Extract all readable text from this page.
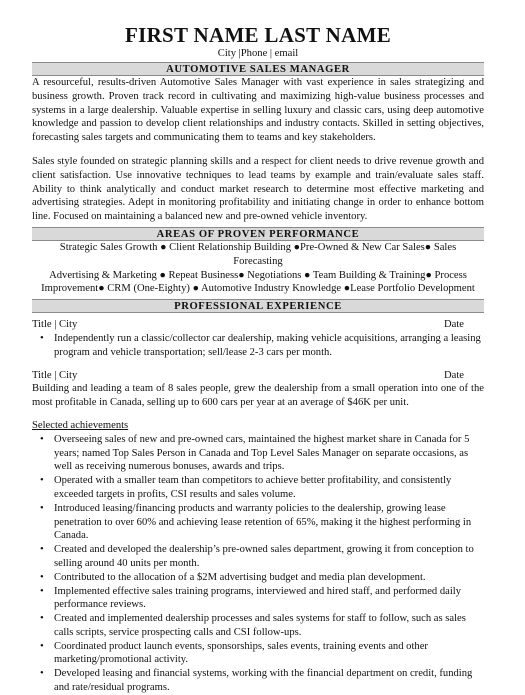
FIRST NAME LAST NAME
City |Phone | email
AUTOMOTIVE SALES MANAGER

A resourceful, results-driven Automotive Sales Manager with vast experience in sales strategizing and business growth. Proven track record in cultivating and maximizing high-value business processes and systems in a large dealership. Valuable expertise in selling luxury and classic cars, using deep automotive knowledge and passion to develop client relationships and industry contacts. Skilled in setting objectives, forecasting sales targets and communicating them to teams and key stakeholders.

Sales style founded on strategic planning skills and a respect for client needs to drive revenue growth and client satisfaction. Use innovative techniques to lead teams by example and train/evaluate sales staff. Ability to think analytically and conduct market research to determine most effective marketing and advertising strategies. Adept in monitoring profitability and initiating change in order to enhance bottom line. Focused on maintaining a balanced new and pre-owned vehicle inventory.

AREAS OF PROVEN PERFORMANCE
Strategic Sales Growth ● Client Relationship Building ●Pre-Owned & New Car Sales● Sales Forecasting
Advertising & Marketing ● Repeat Business● Negotiations ● Team Building & Training● Process
Improvement● CRM (One-Eighty) ● Automotive Industry Knowledge ●Lease Portfolio Development
PROFESSIONAL EXPERIENCE
Title | City	Date
• Independently run a classic/collector car dealership, making vehicle acquisitions, arranging a leasing program and vehicle transportation; sell/lease 2-3 cars per month.
Title | City	Date

Building and leading a team of 8 sales people, grew the dealership from a small operation into one of the most profitable in Canada, selling up to 600 cars per year at an average of $46K per unit.

Selected achievements
• Overseeing sales of new and pre-owned cars, maintained the highest market share in Canada for 5 years; named Top Sales Person in Canada and Top Level Sales Manager on separate occasions, as well as receiving numerous bonuses, awards and trips.
• Operated with a smaller team than competitors to achieve better profitability, and consistently exceeded targets in profits, CSI results and sales volume.
• Introduced leasing/financing products and warranty policies to the dealership, growing lease penetration to over 60% and achieving lease retention of 65%, making it the highest performing in Canada.
• Created and developed the dealership’s pre-owned sales department, growing it from conception to selling around 40 units per month.
• Contributed to the allocation of a $2M advertising budget and media plan development.
• Implemented effective sales training programs, interviewed and hired staff, and performed daily performance reviews.
• Created and implemented dealership processes and sales systems for staff to follow, such as sales calls scripts, service prospecting calls and CSI follow-ups.
• Coordinated product launch events, sponsorships, sales events, training events and other marketing/promotional activity.
• Developed leasing and financial systems, working with the financial department on credit, funding and rate/residual programs.
